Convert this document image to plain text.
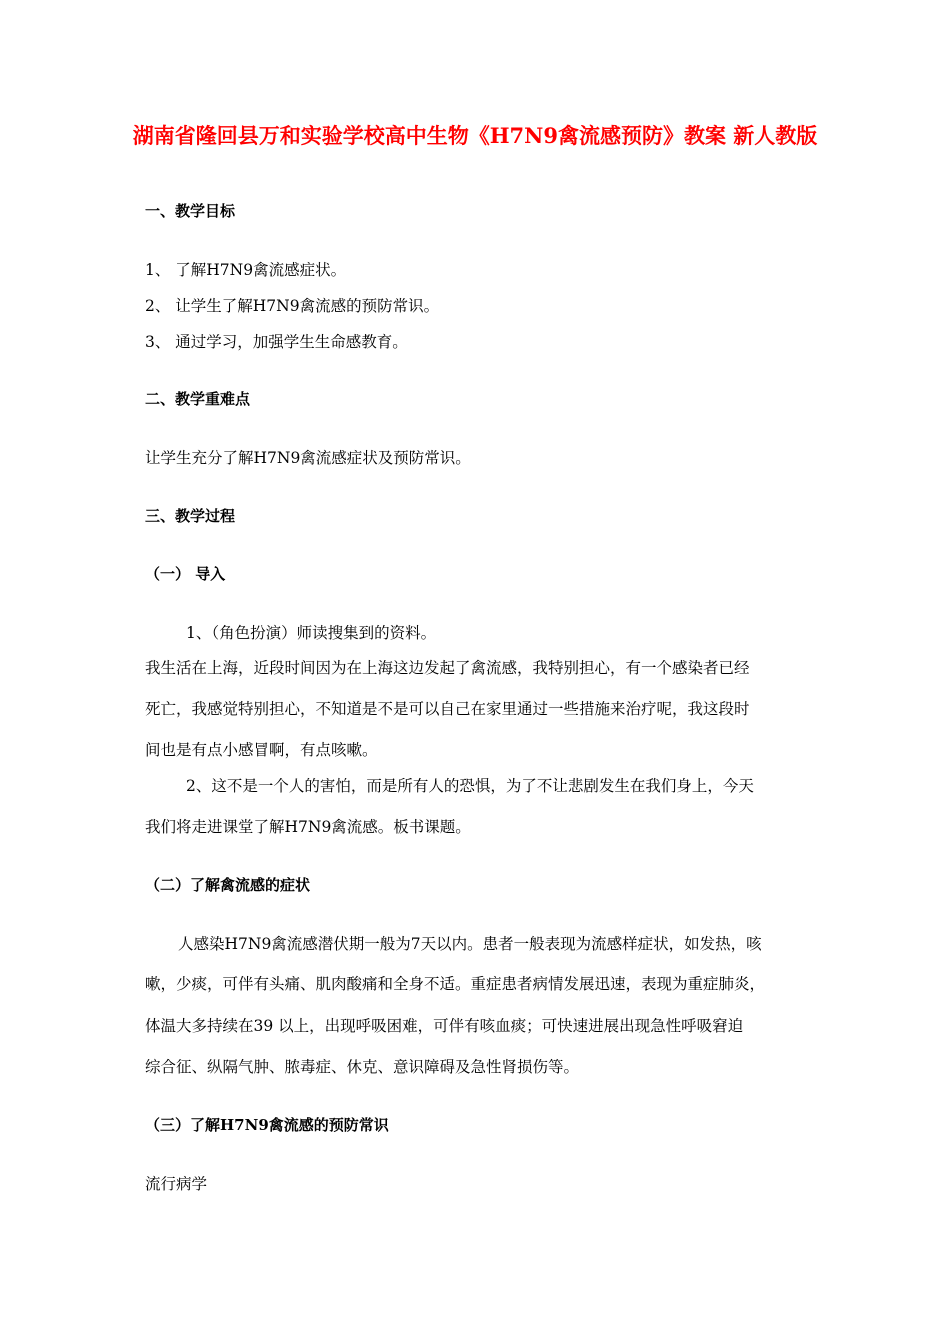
湖南省隆回县万和实验学校高中生物《H7N9禽流感预防》教案 新人教版
一、教学目标
1、 了解H7N9禽流感症状。
2、 让学生了解H7N9禽流感的预防常识。
3、 通过学习，加强学生生命感教育。
二、教学重难点
让学生充分了解H7N9禽流感症状及预防常识。
三、教学过程
（一） 导入
1、（角色扮演）师读搜集到的资料。
我生活在上海，近段时间因为在上海这边发起了禽流感，我特别担心，有一个感染者已经
死亡，我感觉特别担心，不知道是不是可以自己在家里通过一些措施来治疗呢，我这段时
间也是有点小感冒啊，有点咳嗽。
2、这不是一个人的害怕，而是所有人的恐惧，为了不让悲剧发生在我们身上，今天
我们将走进课堂了解H7N9禽流感。板书课题。
（二）了解禽流感的症状
人感染H7N9禽流感潜伏期一般为7天以内。患者一般表现为流感样症状，如发热，咳
嗽，少痰，可伴有头痛、肌肉酸痛和全身不适。重症患者病情发展迅速，表现为重症肺炎，
体温大多持续在39 以上，出现呼吸困难，可伴有咳血痰；可快速进展出现急性呼吸窘迫
综合征、纵隔气肿、脓毒症、休克、意识障碍及急性肾损伤等。
（三）了解H7N9禽流感的预防常识
流行病学
